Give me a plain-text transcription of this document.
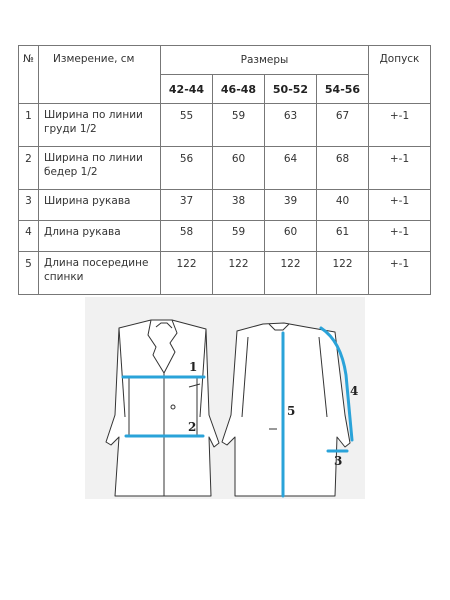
№	Измерение, см	Размеры				Допуск
		42-44	46-48	50-52	54-56	
1	Ширина по линии
груди 1/2	55	59	63	67	+-1
2	Ширина по линии
бедер 1/2	56	60	64	68	+-1
3	Ширина рукава	37	38	39	40	+-1
4	Длина рукава	58	59	60	61	+-1
5	Длина посередине
спинки	122	122	122	122	+-1
1
2
5
4
3
